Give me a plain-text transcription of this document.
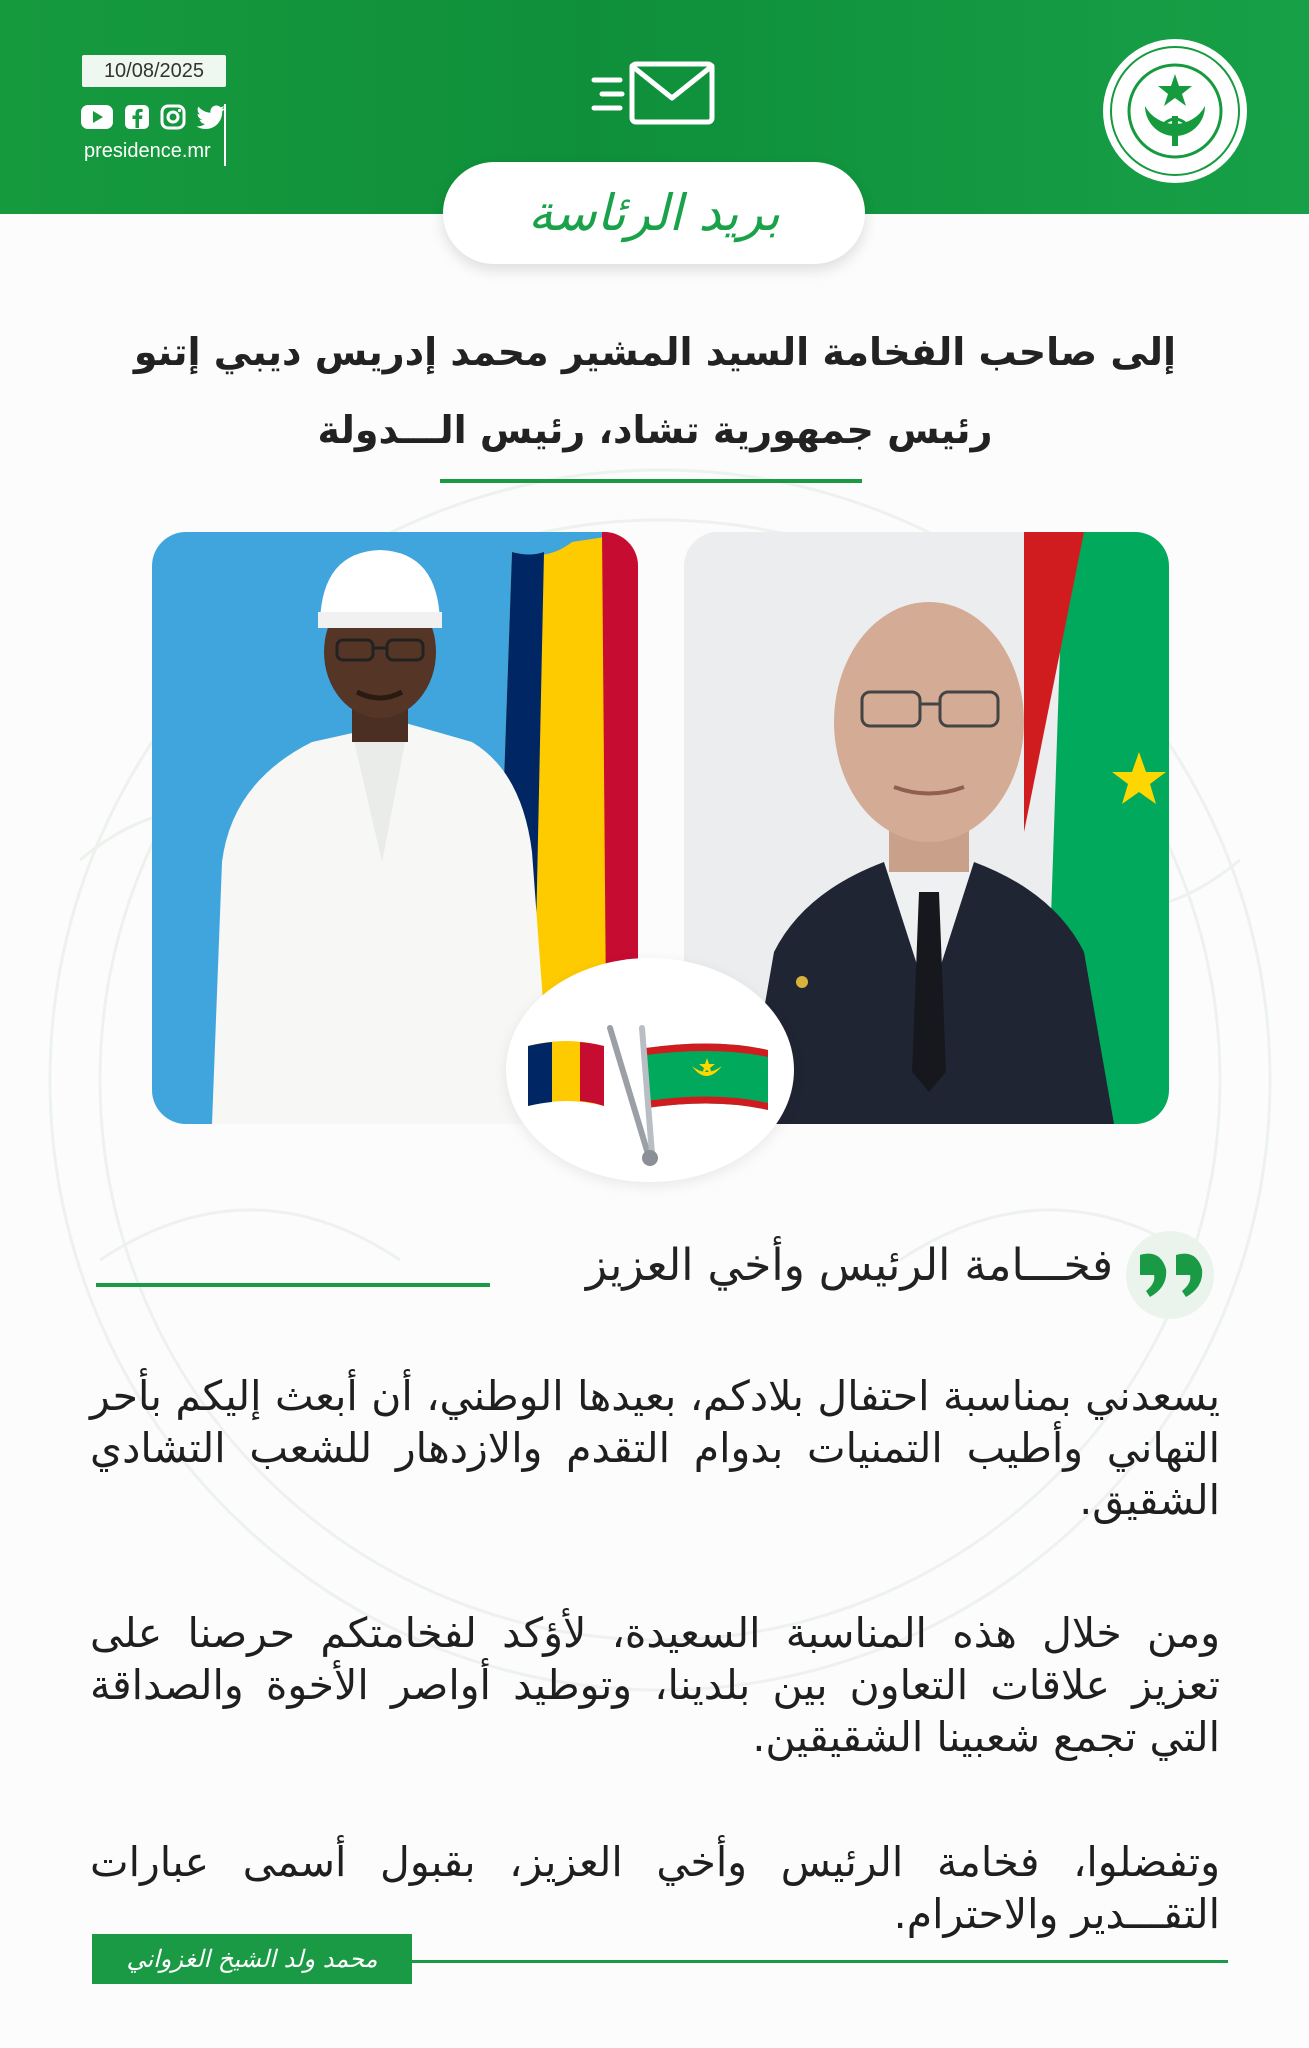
10/08/2025
presidence.mr
بريد الرئاسة
إلى صاحب الفخامة السيد المشير محمد إدريس ديبي إتنو
رئيس جمهورية تشاد، رئيس الـــدولة
فخـــامة الرئيس وأخي العزيز
يسعدني بمناسبة احتفال بلادكم، بعيدها الوطني، أن أبعث إليكم بأحر التهاني وأطيب التمنيات بدوام التقدم والازدهار للشعب التشادي الشقيق.
ومن خلال هذه المناسبة السعيدة، لأؤكد لفخامتكم حرصنا على تعزيز علاقات التعاون بين بلدينا، وتوطيد أواصر الأخوة والصداقة التي تجمع شعبينا الشقيقين.
وتفضلوا، فخامة الرئيس وأخي العزيز، بقبول أسمى عبارات التقـــدير والاحترام.
محمد ولد الشيخ الغزواني
